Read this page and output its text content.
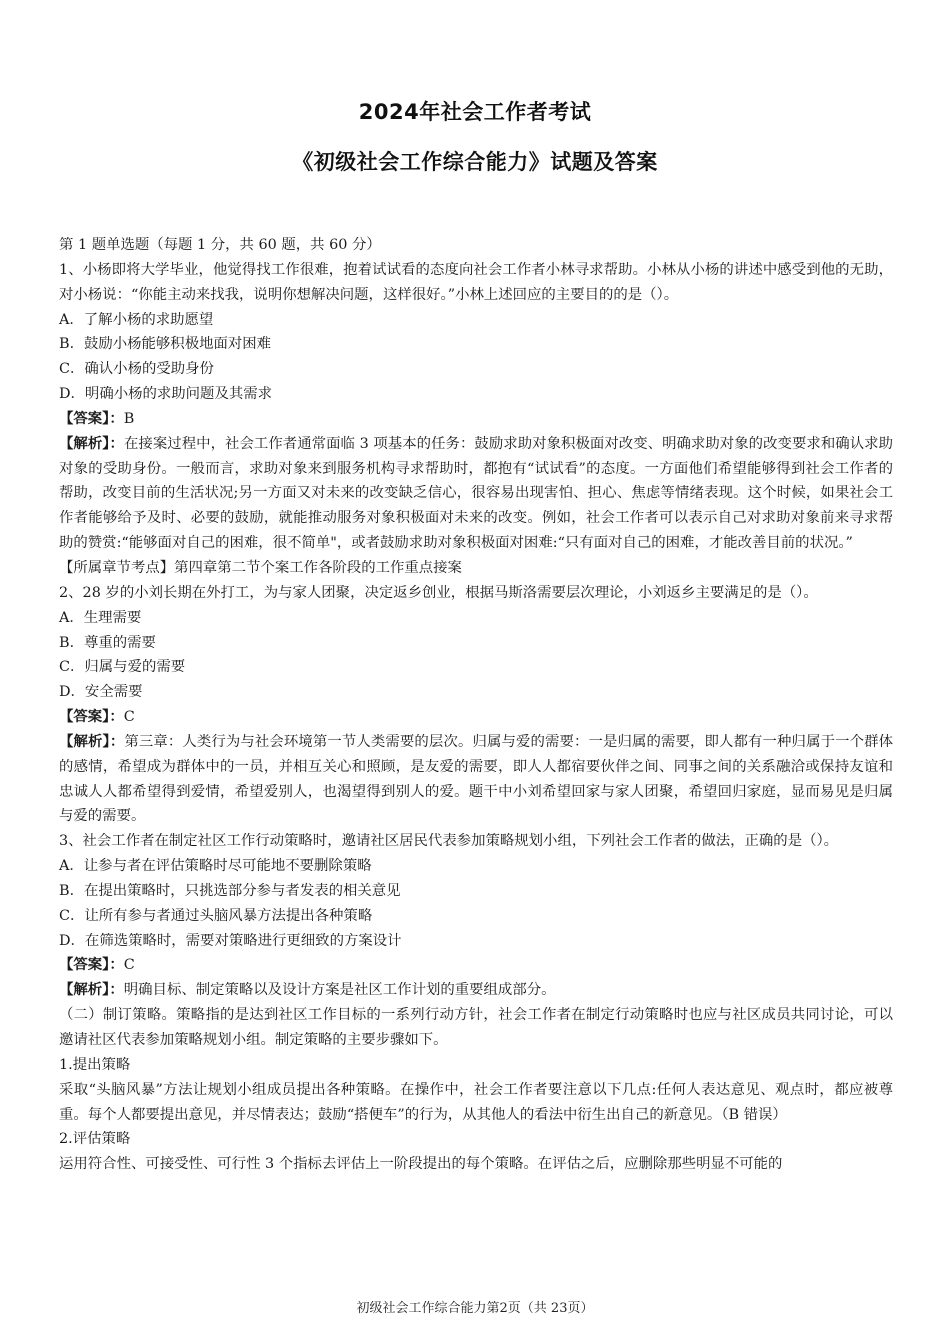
2024年社会工作者考试
《初级社会工作综合能力》试题及答案

第 1 题单选题（每题 1 分，共 60 题，共 60 分）

1、小杨即将大学毕业，他觉得找工作很难，抱着试试看的态度向社会工作者小林寻求帮助。小林从小杨的讲述中感受到他的无助，对小杨说：“你能主动来找我，说明你想解决问题，这样很好。”小林上述回应的主要目的的是（）。

A．了解小杨的求助愿望

B．鼓励小杨能够积极地面对困难

C．确认小杨的受助身份

D．明确小杨的求助问题及其需求

【答案】：B

【解析】：在接案过程中，社会工作者通常面临 3 项基本的任务：鼓励求助对象积极面对改变、明确求助对象的改变要求和确认求助对象的受助身份。一般而言，求助对象来到服务机构寻求帮助时，都抱有“试试看”的态度。一方面他们希望能够得到社会工作者的帮助，改变目前的生活状况;另一方面又对未来的改变缺乏信心，很容易出现害怕、担心、焦虑等情绪表现。这个时候，如果社会工作者能够给予及时、必要的鼓励，就能推动服务对象积极面对未来的改变。例如，社会工作者可以表示自己对求助对象前来寻求帮助的赞赏:“能够面对自己的困难，很不简单"，或者鼓励求助对象积极面对困难:“只有面对自己的困难，才能改善目前的状况。”

【所属章节考点】第四章第二节个案工作各阶段的工作重点接案

2、28 岁的小刘长期在外打工，为与家人团聚，决定返乡创业，根据马斯洛需要层次理论，小刘返乡主要满足的是（）。

A．生理需要

B．尊重的需要

C．归属与爱的需要

D．安全需要

【答案】：C

【解析】：第三章：人类行为与社会环境第一节人类需要的层次。归属与爱的需要：一是归属的需要，即人都有一种归属于一个群体的感情，希望成为群体中的一员，并相互关心和照顾，是友爱的需要，即人人都宿要伙伴之间、同事之间的关系融洽或保持友谊和忠诚人人都希望得到爱情，希望爱别人，也渴望得到别人的爱。题干中小刘希望回家与家人团聚，希望回归家庭，显而易见是归属与爱的需要。

3、社会工作者在制定社区工作行动策略时，邀请社区居民代表参加策略规划小组，下列社会工作者的做法，正确的是（）。

A．让参与者在评估策略时尽可能地不要删除策略

B．在提出策略时，只挑选部分参与者发表的相关意见

C．让所有参与者通过头脑风暴方法提出各种策略

D．在筛选策略时，需要对策略进行更细致的方案设计

【答案】：C

【解析】：明确目标、制定策略以及设计方案是社区工作计划的重要组成部分。

（二）制订策略。策略指的是达到社区工作目标的一系列行动方针，社会工作者在制定行动策略时也应与社区成员共同讨论，可以邀请社区代表参加策略规划小组。制定策略的主要步骤如下。

1.提出策略

采取“头脑风暴”方法让规划小组成员提出各种策略。在操作中，社会工作者要注意以下几点:任何人表达意见、观点时，都应被尊重。每个人都要提出意见，并尽情表达；鼓励“搭便车”的行为，从其他人的看法中衍生出自己的新意见。（B 错误）

2.评估策略

运用符合性、可接受性、可行性 3 个指标去评估上一阶段提出的每个策略。在评估之后，应删除那些明显不可能的

初级社会工作综合能力第2页（共 23页）
